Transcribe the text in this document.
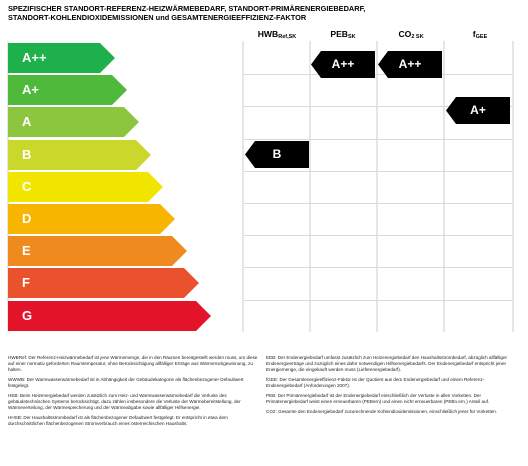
SPEZIFISCHER STANDORT-REFERENZ-HEIZWÄRMEBEDARF, STANDORT-PRIMÄRENERGIEBEDARF,
STANDORT-KOHLENDIOXIDEMISSIONEN und GESAMTENERGIEEFFIZIENZ-FAKTOR
$HWB_{Ref,SK}$	$PEB_{SK}$	$CO_{2 SK}$	$f_{GEE}$
A++
A+
A
B
C
D
E
F
G
B
A++	A++
A+

HWBRef: Der Referenz-Heizwärmebedarf ist jene Wärmemenge, die in den Räumen bereitgestellt werden muss, um diese auf einer normativ geforderten Raumtemperatur, ohne Berücksichtigung allfälliger Erträge aus Wärmerückgewinnung, zu halten.

WWWB: Der Warmwasserwärmebedarf ist in Abhängigkeit der Gebäudekategorie als flächenbezogener Defaultwert festgelegt.

HEB: Beim Heizenergiebedarf werden zusätzlich zum Heiz- und Warmwasserwärmebedarf die Verluste des gebäudetechnischen Systems berücksichtigt, dazu zählen insbesondere die Verluste der Wärmebereitstellung, der Wärmeverteilung, der Wärmespeicherung und der Wärmeabgabe sowie allfälliger Hilfsenergie.

HHSB: Der Haushaltsstrombedarf ist als flächenbezogener Defaultwert festgelegt. Er entspricht in etwa dem durchschnittlichen flächenbezogenen Stromverbrauch eines österreichischen Haushalts.

EEB: Der Endenergiebedarf umfasst zusätzlich zum Heizenergiebedarf den Haushaltsstrombedarf, abzüglich allfälliger Endenergieerträge und zuzüglich eines dafür notwendigen Hilfsenergiebedarfs. Der Endenergiebedarf entspricht jener Energiemenge, die eingekauft werden muss (Lieferenergiebedarf).

fGEE: Der Gesamtenergieeffizienz-Faktor ist der Quotient aus dem Endenergiebedarf und einem Referenz-Endenergiebedarf (Anforderungen 2007).

PEB: Der Primärenergiebedarf ist der Endenergiebedarf einschließlich der Verluste in allen Vorketten. Der Primärenergiebedarf weist einen erneuerbaren (PEBern) und einen nicht erneuerbaren (PEBn.ern.) Anteil auf.

CO2: Gesamte den Endenergiebedarf zuzurechnende Kohlendioxidemissionen, einschließlich jener für Vorketten.
